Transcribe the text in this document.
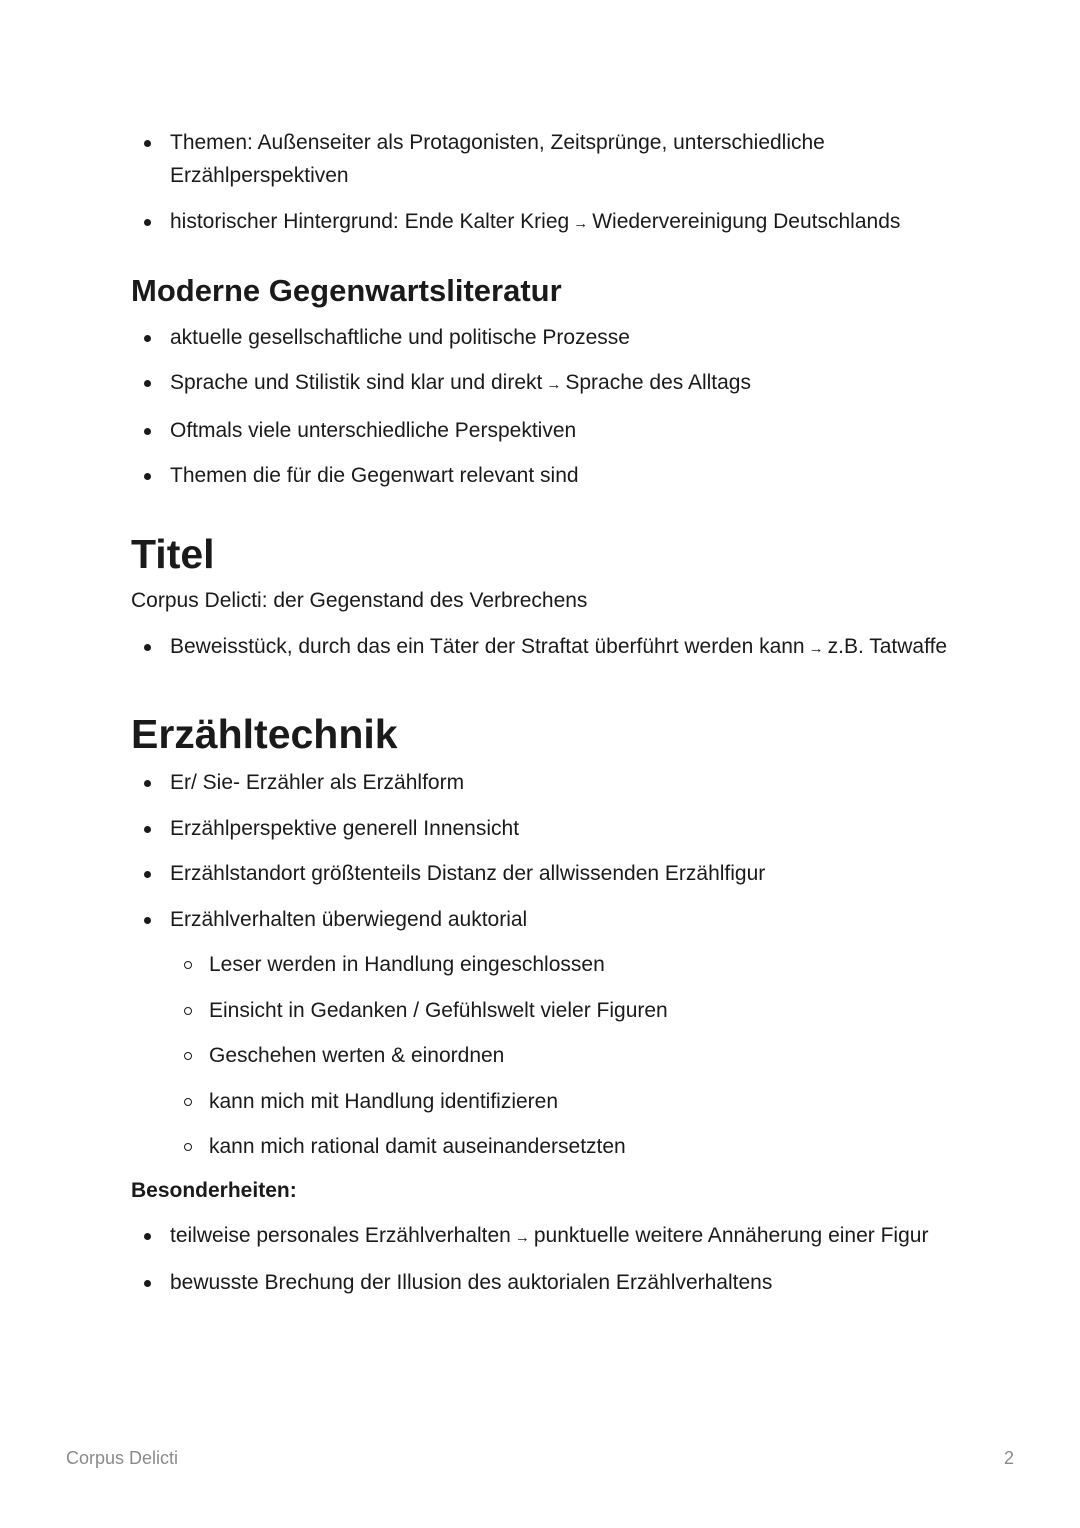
Themen: Außenseiter als Protagonisten, Zeitsprünge, unterschiedliche Erzählperspektiven
historischer Hintergrund: Ende Kalter Krieg → Wiedervereinigung Deutschlands
Moderne Gegenwartsliteratur
aktuelle gesellschaftliche und politische Prozesse
Sprache und Stilistik sind klar und direkt → Sprache des Alltags
Oftmals viele unterschiedliche Perspektiven
Themen die für die Gegenwart relevant sind
Titel

Corpus Delicti: der Gegenstand des Verbrechens

Beweisstück, durch das ein Täter der Straftat überführt werden kann → z.B. Tatwaffe
Erzähltechnik
Er/ Sie- Erzähler als Erzählform
Erzählperspektive generell Innensicht
Erzählstandort größtenteils Distanz der allwissenden Erzählfigur
Erzählverhalten überwiegend auktorial
Leser werden in Handlung eingeschlossen
Einsicht in Gedanken / Gefühlswelt vieler Figuren
Geschehen werten & einordnen
kann mich mit Handlung identifizieren
kann mich rational damit auseinandersetzten

Besonderheiten:

teilweise personales Erzählverhalten → punktuelle weitere Annäherung einer Figur
bewusste Brechung der Illusion des auktorialen Erzählverhaltens
Corpus Delicti	2
